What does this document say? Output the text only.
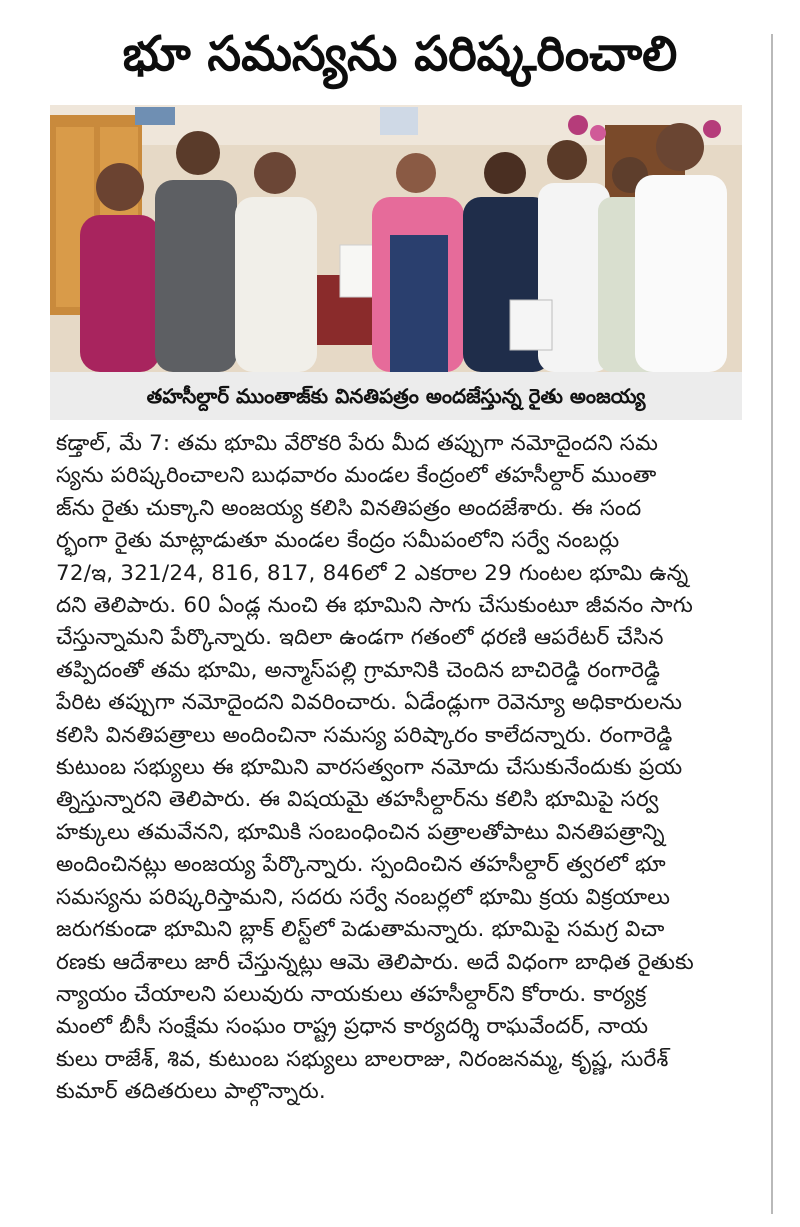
భూ సమస్యను పరిష్కరించాలి
తహసీల్దార్ ముంతాజ్‌కు వినతిపత్రం అందజేస్తున్న రైతు అంజయ్య
కడ్తాల్, మే 7: తమ భూమి వేరొకరి పేరు మీద తప్పుగా నమోదైందని సమ
స్యను పరిష్కరించాలని బుధవారం మండల కేంద్రంలో తహసీల్దార్ ముంతా
జ్‌ను రైతు చుక్కాని అంజయ్య కలిసి వినతిపత్రం అందజేశారు. ఈ సంద
ర్భంగా రైతు మాట్లాడుతూ మండల కేంద్రం సమీపంలోని సర్వే నంబర్లు
72/ఇ, 321/24, 816, 817, 846లో 2 ఎకరాల 29 గుంటల భూమి ఉన్న
దని తెలిపారు. 60 ఏండ్ల నుంచి ఈ భూమిని సాగు చేసుకుంటూ జీవనం సాగు
చేస్తున్నామని పేర్కొన్నారు. ఇదిలా ఉండగా గతంలో ధరణి ఆపరేటర్ చేసిన
తప్పిదంతో తమ భూమి, అన్మాస్‌పల్లి గ్రామానికి చెందిన బాచిరెడ్డి రంగారెడ్డి
పేరిట తప్పుగా నమోదైందని వివరించారు. ఏడేండ్లుగా రెవెన్యూ అధికారులను
కలిసి వినతిపత్రాలు అందించినా సమస్య పరిష్కారం కాలేదన్నారు. రంగారెడ్డి
కుటుంబ సభ్యులు ఈ భూమిని వారసత్వంగా నమోదు చేసుకునేందుకు ప్రయ
త్నిస్తున్నారని తెలిపారు. ఈ విషయమై తహసీల్దార్‌ను కలిసి భూమిపై సర్వ
హక్కులు తమవేనని, భూమికి సంబంధించిన పత్రాలతోపాటు వినతిపత్రాన్ని
అందించినట్లు అంజయ్య పేర్కొన్నారు. స్పందించిన తహసీల్దార్ త్వరలో భూ
సమస్యను పరిష్కరిస్తామని, సదరు సర్వే నంబర్లలో భూమి క్రయ విక్రయాలు
జరుగకుండా భూమిని బ్లాక్ లిస్ట్‌లో పెడుతామన్నారు. భూమిపై సమగ్ర విచా
రణకు ఆదేశాలు జారీ చేస్తున్నట్లు ఆమె తెలిపారు. అదే విధంగా బాధిత రైతుకు
న్యాయం చేయాలని పలువురు నాయకులు తహసీల్దార్‌ని కోరారు. కార్యక్ర
మంలో బీసీ సంక్షేమ సంఘం రాష్ట్ర ప్రధాన కార్యదర్శి రాఘవేందర్, నాయ
కులు రాజేశ్, శివ, కుటుంబ సభ్యులు బాలరాజు, నిరంజనమ్మ, కృష్ణ, సురేశ్
కుమార్ తదితరులు పాల్గొన్నారు.
